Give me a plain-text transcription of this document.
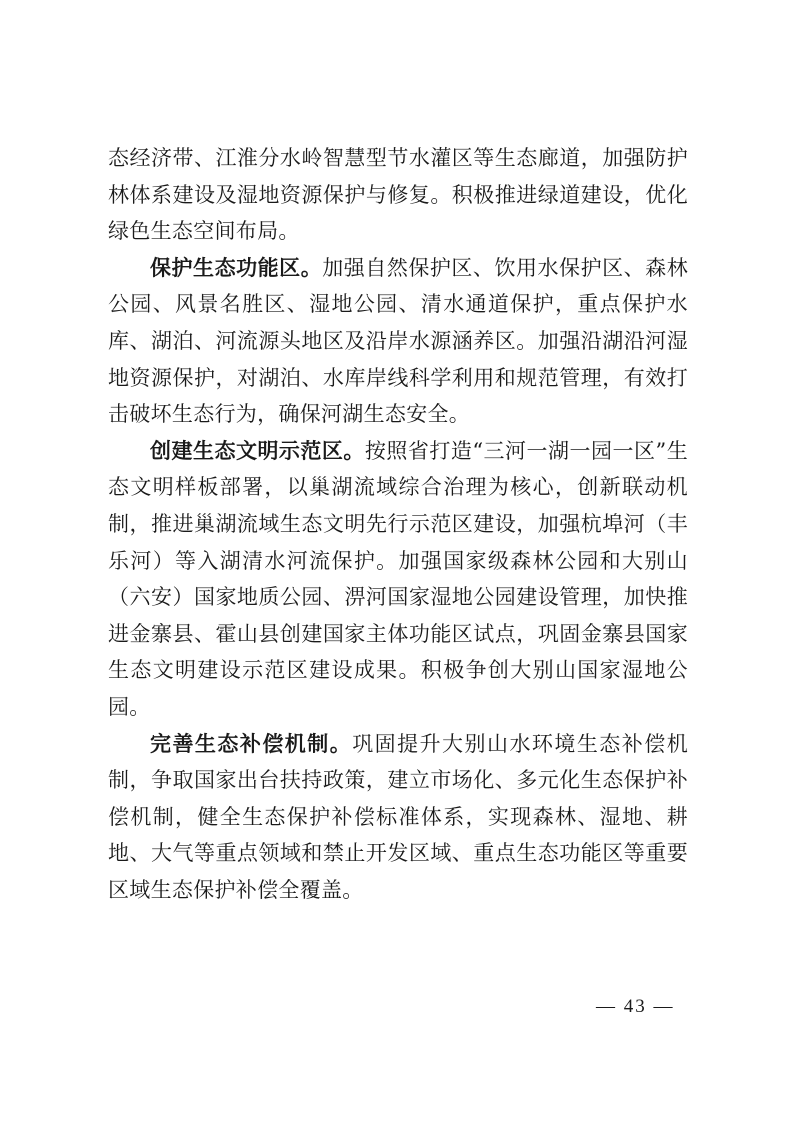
态经济带、江淮分水岭智慧型节水灌区等生态廊道，加强防护林体系建设及湿地资源保护与修复。积极推进绿道建设，优化绿色生态空间布局。

保护生态功能区。加强自然保护区、饮用水保护区、森林公园、风景名胜区、湿地公园、清水通道保护，重点保护水库、湖泊、河流源头地区及沿岸水源涵养区。加强沿湖沿河湿地资源保护，对湖泊、水库岸线科学利用和规范管理，有效打击破坏生态行为，确保河湖生态安全。

创建生态文明示范区。按照省打造“三河一湖一园一区”生态文明样板部署，以巢湖流域综合治理为核心，创新联动机制，推进巢湖流域生态文明先行示范区建设，加强杭埠河（丰乐河）等入湖清水河流保护。加强国家级森林公园和大别山（六安）国家地质公园、淠河国家湿地公园建设管理，加快推进金寨县、霍山县创建国家主体功能区试点，巩固金寨县国家生态文明建设示范区建设成果。积极争创大别山国家湿地公园。

完善生态补偿机制。巩固提升大别山水环境生态补偿机制，争取国家出台扶持政策，建立市场化、多元化生态保护补偿机制，健全生态保护补偿标准体系，实现森林、湿地、耕地、大气等重点领域和禁止开发区域、重点生态功能区等重要区域生态保护补偿全覆盖。

— 43 —
